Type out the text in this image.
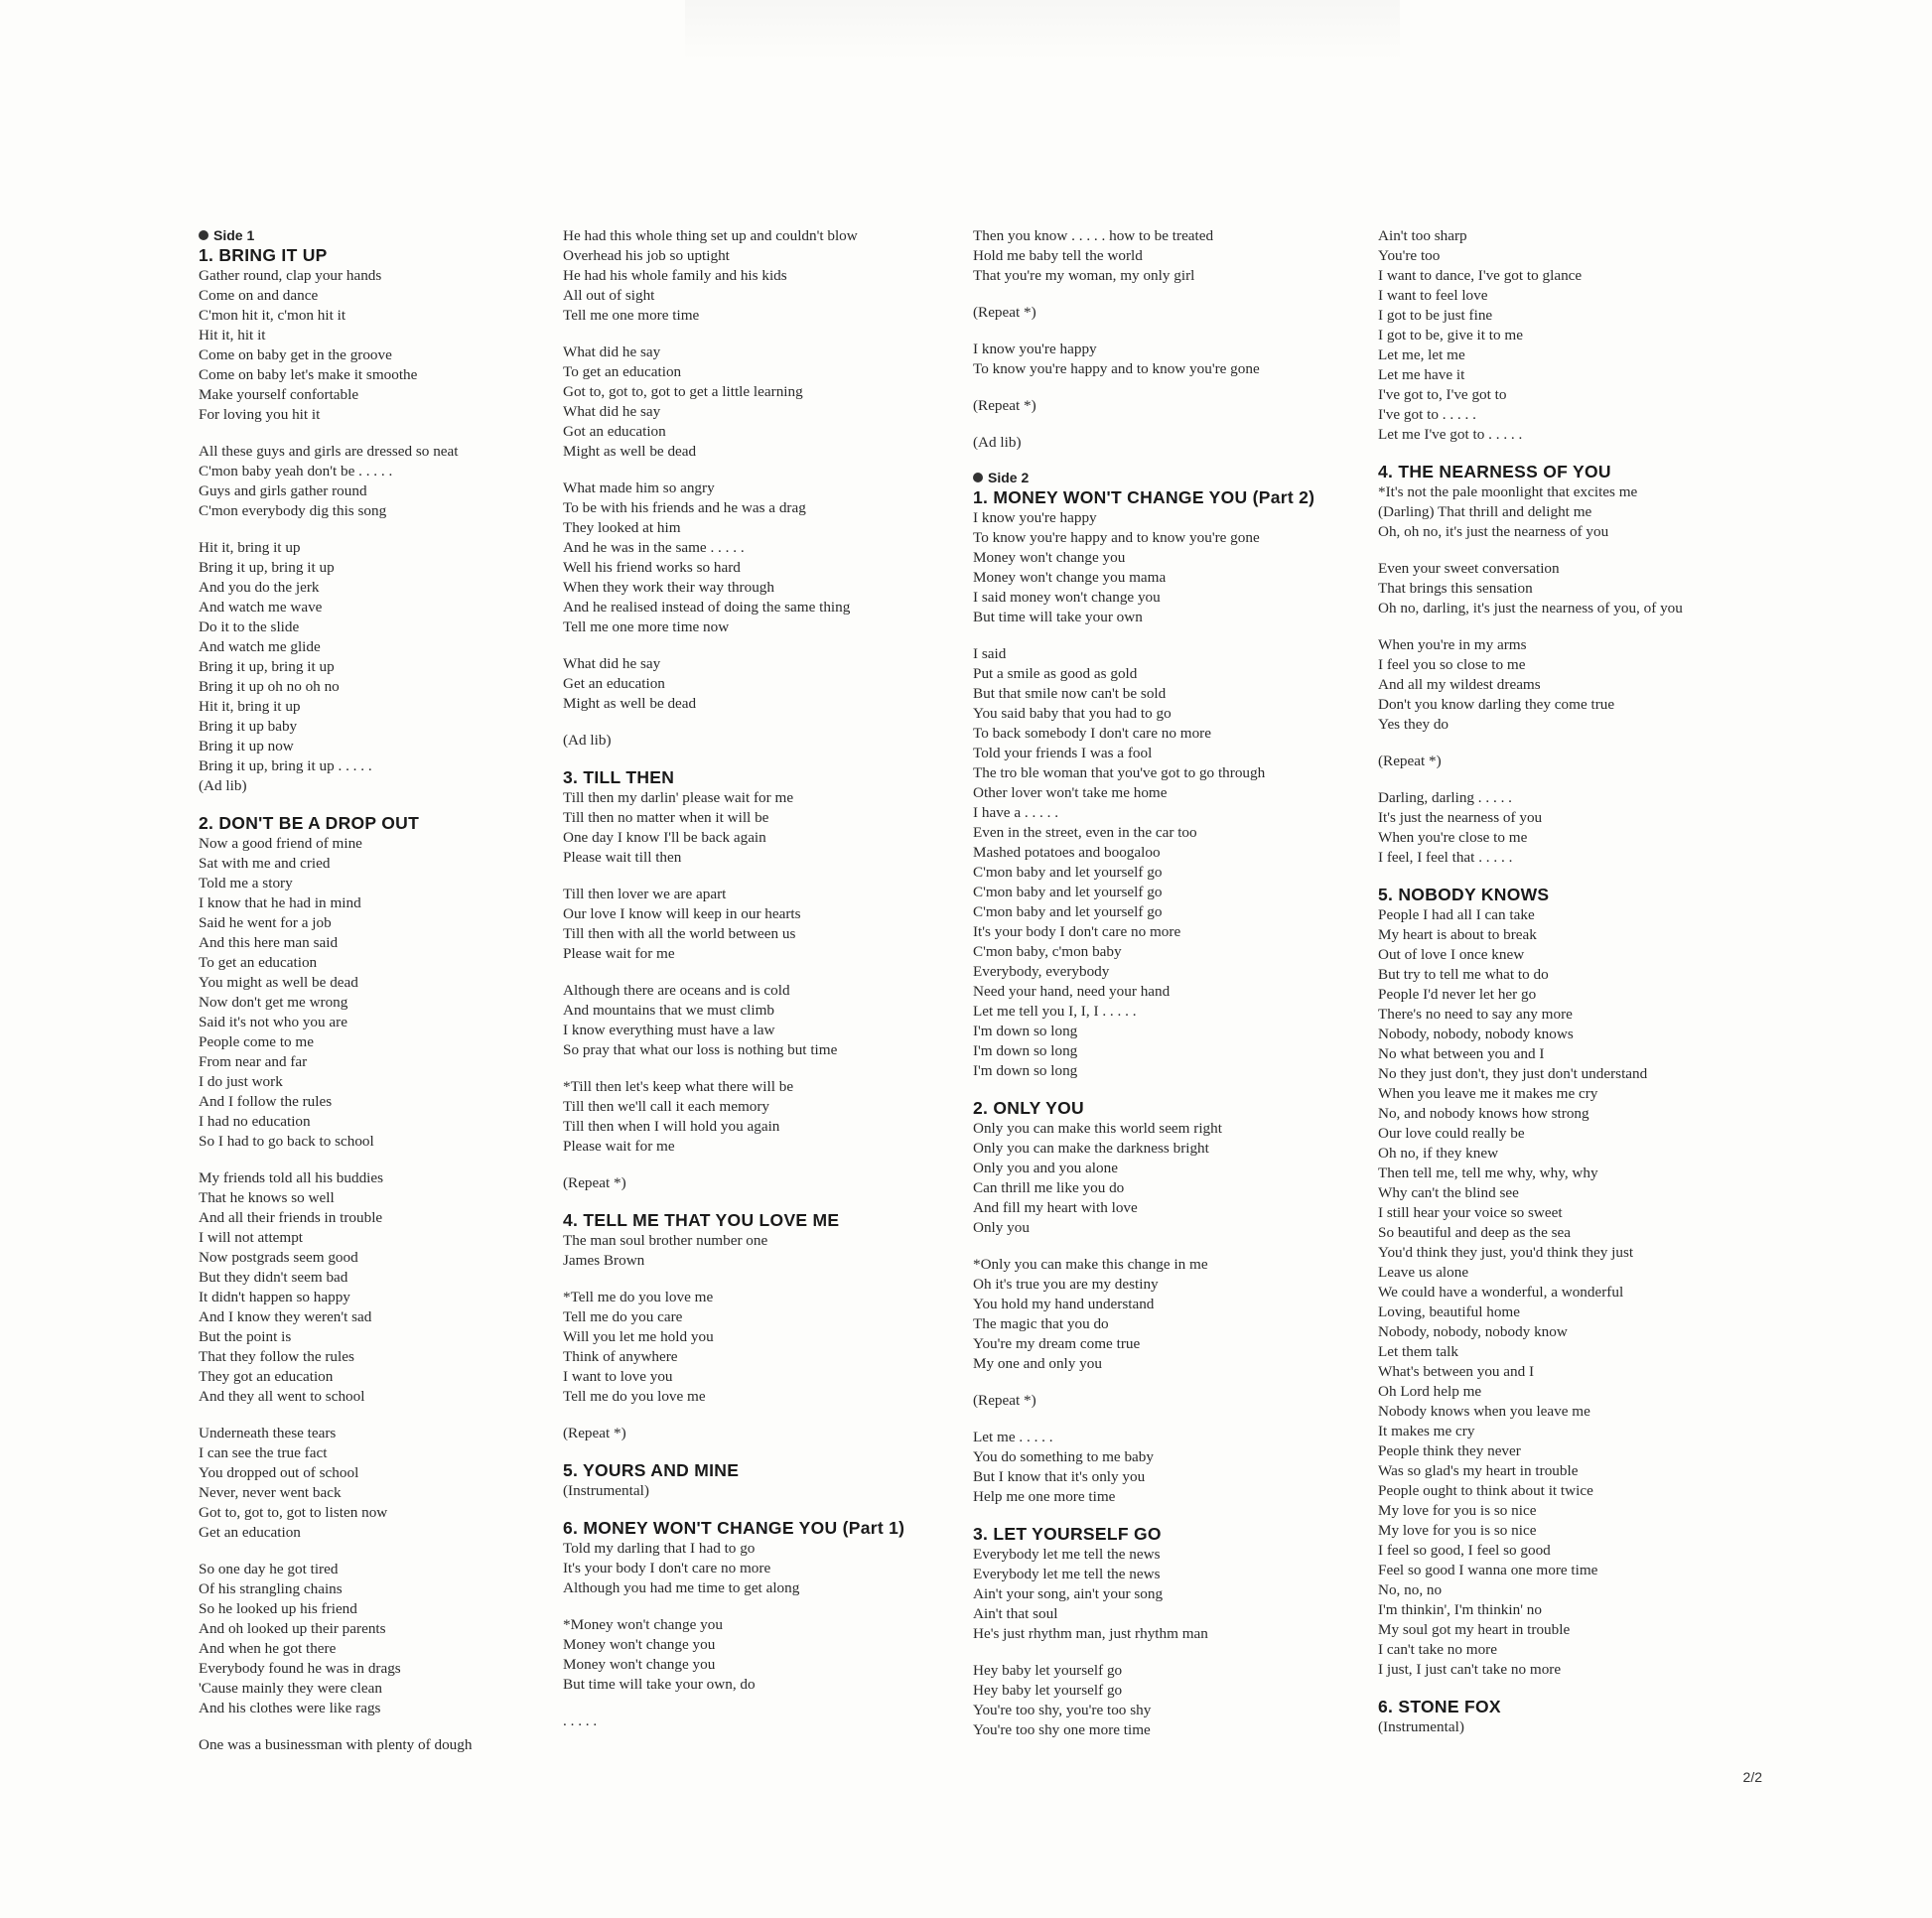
Side 1
1. BRING IT UP
Gather round, clap your hands
Come on and dance
C'mon hit it, c'mon hit it
Hit it, hit it
Come on baby get in the groove
Come on baby let's make it smoothe
Make yourself confortable
For loving you hit it
All these guys and girls are dressed so neat
C'mon baby yeah don't be . . . . .
Guys and girls gather round
C'mon everybody dig this song
Hit it, bring it up
Bring it up, bring it up
And you do the jerk
And watch me wave
Do it to the slide
And watch me glide
Bring it up, bring it up
Bring it up oh no oh no
Hit it, bring it up
Bring it up baby
Bring it up now
Bring it up, bring it up . . . . .
(Ad lib)
2. DON'T BE A DROP OUT
Now a good friend of mine
Sat with me and cried
Told me a story
I know that he had in mind
Said he went for a job
And this here man said
To get an education
You might as well be dead
Now don't get me wrong
Said it's not who you are
People come to me
From near and far
I do just work
And I follow the rules
I had no education
So I had to go back to school
My friends told all his buddies
That he knows so well
And all their friends in trouble
I will not attempt
Now postgrads seem good
But they didn't seem bad
It didn't happen so happy
And I know they weren't sad
But the point is
That they follow the rules
They got an education
And they all went to school
Underneath these tears
I can see the true fact
You dropped out of school
Never, never went back
Got to, got to, got to listen now
Get an education
So one day he got tired
Of his strangling chains
So he looked up his friend
And oh looked up their parents
And when he got there
Everybody found he was in drags
'Cause mainly they were clean
And his clothes were like rags
One was a businessman with plenty of dough
He had this whole thing set up and couldn't blow
Overhead his job so uptight
He had his whole family and his kids
All out of sight
Tell me one more time
What did he say
To get an education
Got to, got to, got to get a little learning
What did he say
Got an education
Might as well be dead
What made him so angry
To be with his friends and he was a drag
They looked at him
And he was in the same . . . . .
Well his friend works so hard
When they work their way through
And he realised instead of doing the same thing
Tell me one more time now
What did he say
Get an education
Might as well be dead
(Ad lib)
3. TILL THEN
Till then my darlin' please wait for me
Till then no matter when it will be
One day I know I'll be back again
Please wait till then
Till then lover we are apart
Our love I know will keep in our hearts
Till then with all the world between us
Please wait for me
Although there are oceans and is cold
And mountains that we must climb
I know everything must have a law
So pray that what our loss is nothing but time
*Till then let's keep what there will be
Till then we'll call it each memory
Till then when I will hold you again
Please wait for me
(Repeat *)
4. TELL ME THAT YOU LOVE ME
The man soul brother number one
James Brown
*Tell me do you love me
Tell me do you care
Will you let me hold you
Think of anywhere
I want to love you
Tell me do you love me
(Repeat *)
5. YOURS AND MINE
(Instrumental)
6. MONEY WON'T CHANGE YOU (Part 1)
Told my darling that I had to go
It's your body I don't care no more
Although you had me time to get along
*Money won't change you
Money won't change you
Money won't change you
But time will take your own, do
. . . . .
Then you know . . . . . how to be treated
Hold me baby tell the world
That you're my woman, my only girl
(Repeat *)
I know you're happy
To know you're happy and to know you're gone
(Repeat *)
(Ad lib)
Side 2
1. MONEY WON'T CHANGE YOU (Part 2)
I know you're happy
To know you're happy and to know you're gone
Money won't change you
Money won't change you mama
I said money won't change you
But time will take your own
I said
Put a smile as good as gold
But that smile now can't be sold
You said baby that you had to go
To back somebody I don't care no more
Told your friends I was a fool
The tro ble woman that you've got to go through
Other lover won't take me home
I have a . . . . .
Even in the street, even in the car too
Mashed potatoes and boogaloo
C'mon baby and let yourself go
C'mon baby and let yourself go
C'mon baby and let yourself go
It's your body I don't care no more
C'mon baby, c'mon baby
Everybody, everybody
Need your hand, need your hand
Let me tell you I, I, I . . . . .
I'm down so long
I'm down so long
I'm down so long
2. ONLY YOU
Only you can make this world seem right
Only you can make the darkness bright
Only you and you alone
Can thrill me like you do
And fill my heart with love
Only you
*Only you can make this change in me
Oh it's true you are my destiny
You hold my hand understand
The magic that you do
You're my dream come true
My one and only you
(Repeat *)
Let me . . . . .
You do something to me baby
But I know that it's only you
Help me one more time
3. LET YOURSELF GO
Everybody let me tell the news
Everybody let me tell the news
Ain't your song, ain't your song
Ain't that soul
He's just rhythm man, just rhythm man
Hey baby let yourself go
Hey baby let yourself go
You're too shy, you're too shy
You're too shy one more time
Ain't too sharp
You're too
I want to dance, I've got to glance
I want to feel love
I got to be just fine
I got to be, give it to me
Let me, let me
Let me have it
I've got to, I've got to
I've got to . . . . .
Let me I've got to . . . . .
4. THE NEARNESS OF YOU
*It's not the pale moonlight that excites me
(Darling) That thrill and delight me
Oh, oh no, it's just the nearness of you
Even your sweet conversation
That brings this sensation
Oh no, darling, it's just the nearness of you, of you
When you're in my arms
I feel you so close to me
And all my wildest dreams
Don't you know darling they come true
Yes they do
(Repeat *)
Darling, darling . . . . .
It's just the nearness of you
When you're close to me
I feel, I feel that . . . . .
5. NOBODY KNOWS
People I had all I can take
My heart is about to break
Out of love I once knew
But try to tell me what to do
People I'd never let her go
There's no need to say any more
Nobody, nobody, nobody knows
No what between you and I
No they just don't, they just don't understand
When you leave me it makes me cry
No, and nobody knows how strong
Our love could really be
Oh no, if they knew
Then tell me, tell me why, why, why
Why can't the blind see
I still hear your voice so sweet
So beautiful and deep as the sea
You'd think they just, you'd think they just
Leave us alone
We could have a wonderful, a wonderful
Loving, beautiful home
Nobody, nobody, nobody know
Let them talk
What's between you and I
Oh Lord help me
Nobody knows when you leave me
It makes me cry
People think they never
Was so glad's my heart in trouble
People ought to think about it twice
My love for you is so nice
My love for you is so nice
I feel so good, I feel so good
Feel so good I wanna one more time
No, no, no
I'm thinkin', I'm thinkin' no
My soul got my heart in trouble
I can't take no more
I just, I just can't take no more
6. STONE FOX
(Instrumental)
2/2
